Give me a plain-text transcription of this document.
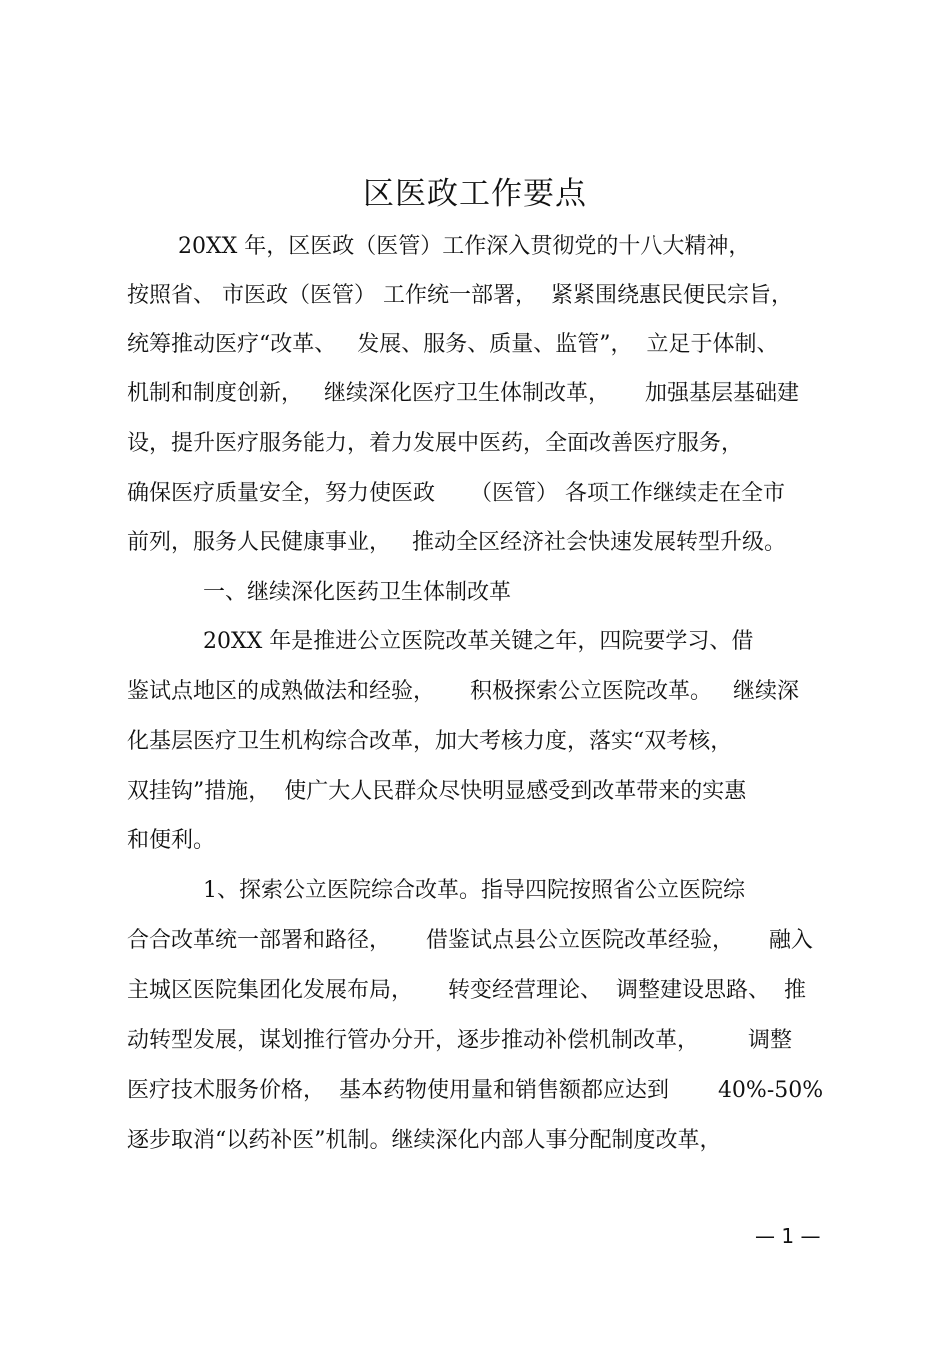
区医政工作要点
20XX 年，区医政（医管）工作深入贯彻党的十八大精神，
按照省、 市医政（医管） 工作统一部署，  紧紧围绕惠民便民宗旨，
统筹推动医疗“改革、   发展、服务、质量、监管”，  立足于体制、
机制和制度创新，   继续深化医疗卫生体制改革，     加强基层基础建
设，提升医疗服务能力，着力发展中医药，全面改善医疗服务，
确保医疗质量安全，努力使医政     （医管） 各项工作继续走在全市
前列，服务人民健康事业，   推动全区经济社会快速发展转型升级。
一、继续深化医药卫生体制改革
20XX 年是推进公立医院改革关键之年，四院要学习、借
鉴试点地区的成熟做法和经验，     积极探索公立医院改革。   继续深
化基层医疗卫生机构综合改革，加大考核力度，落实“双考核，
双挂钩”措施，  使广大人民群众尽快明显感受到改革带来的实惠
和便利。
1、探索公立医院综合改革。指导四院按照省公立医院综
合合改革统一部署和路径，     借鉴试点县公立医院改革经验，     融入
主城区医院集团化发展布局，     转变经营理论、  调整建设思路、  推
动转型发展，谋划推行管办分开，逐步推动补偿机制改革，       调整
医疗技术服务价格，  基本药物使用量和销售额都应达到       40%-50%
逐步取消“以药补医”机制。继续深化内部人事分配制度改革，
— 1 —
